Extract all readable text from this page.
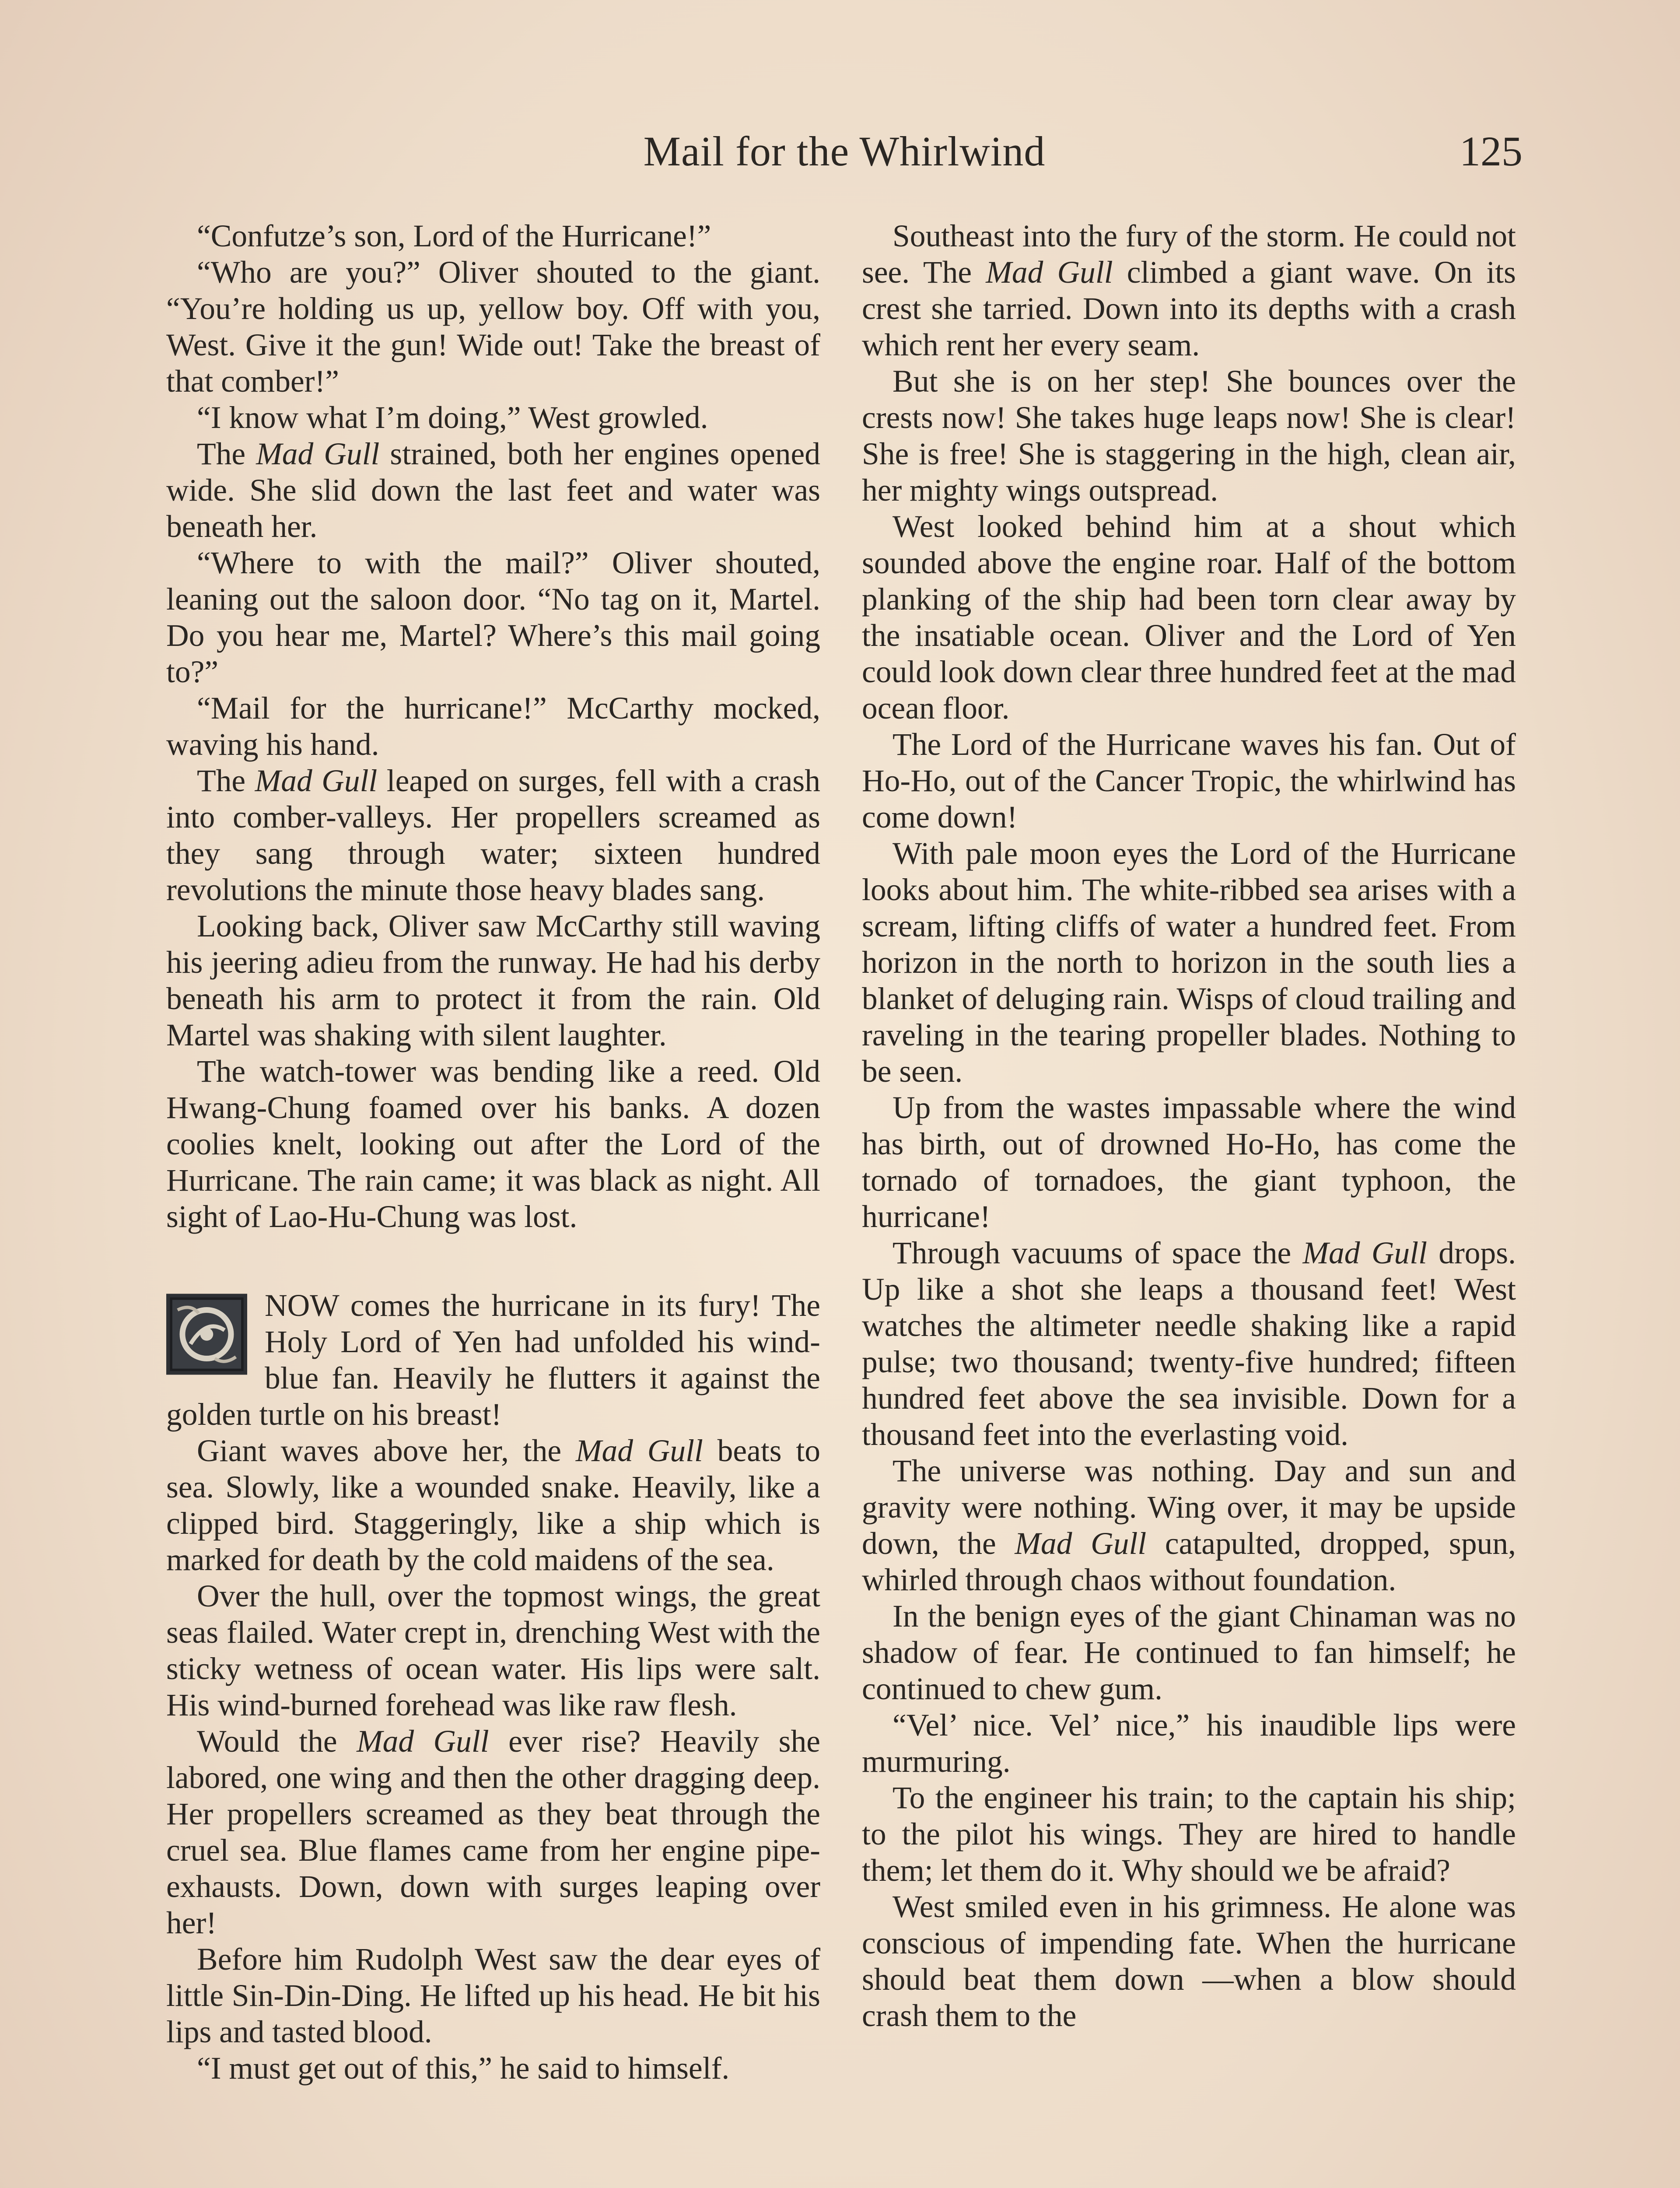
Mail for the Whirlwind	125

“Confutze’s son, Lord of the Hurricane!”

“Who are you?” Oliver shouted to the giant. “You’re holding us up, yellow boy. Off with you, West. Give it the gun! Wide out! Take the breast of that comber!”

“I know what I’m doing,” West growled.

The Mad Gull strained, both her engines opened wide. She slid down the last feet and water was beneath her.

“Where to with the mail?” Oliver shouted, leaning out the saloon door. “No tag on it, Martel. Do you hear me, Martel? Where’s this mail going to?”

“Mail for the hurricane!” McCarthy mocked, waving his hand.

The Mad Gull leaped on surges, fell with a crash into comber-valleys. Her propellers screamed as they sang through water; sixteen hundred revolutions the minute those heavy blades sang.

Looking back, Oliver saw McCarthy still waving his jeering adieu from the runway. He had his derby beneath his arm to protect it from the rain. Old Martel was shaking with silent laughter.

The watch-tower was bending like a reed. Old Hwang-Chung foamed over his banks. A dozen coolies knelt, looking out after the Lord of the Hurricane. The rain came; it was black as night. All sight of Lao-Hu-Chung was lost.

NOW comes the hurricane in its fury! The Holy Lord of Yen had unfolded his wind-blue fan. Heavily he flutters it against the golden turtle on his breast!

Giant waves above her, the Mad Gull beats to sea. Slowly, like a wounded snake. Heavily, like a clipped bird. Staggeringly, like a ship which is marked for death by the cold maidens of the sea.

Over the hull, over the topmost wings, the great seas flailed. Water crept in, drenching West with the sticky wetness of ocean water. His lips were salt. His wind-burned forehead was like raw flesh.

Would the Mad Gull ever rise? Heavily she labored, one wing and then the other dragging deep. Her propellers screamed as they beat through the cruel sea. Blue flames came from her engine pipe-exhausts. Down, down with surges leaping over her!

Before him Rudolph West saw the dear eyes of little Sin-Din-Ding. He lifted up his head. He bit his lips and tasted blood.

“I must get out of this,” he said to himself.

Southeast into the fury of the storm. He could not see. The Mad Gull climbed a giant wave. On its crest she tarried. Down into its depths with a crash which rent her every seam.

But she is on her step! She bounces over the crests now! She takes huge leaps now! She is clear! She is free! She is staggering in the high, clean air, her mighty wings outspread.

West looked behind him at a shout which sounded above the engine roar. Half of the bottom planking of the ship had been torn clear away by the insatiable ocean. Oliver and the Lord of Yen could look down clear three hundred feet at the mad ocean floor.

The Lord of the Hurricane waves his fan. Out of Ho-Ho, out of the Cancer Tropic, the whirlwind has come down!

With pale moon eyes the Lord of the Hurricane looks about him. The white-ribbed sea arises with a scream, lifting cliffs of water a hundred feet. From horizon in the north to horizon in the south lies a blanket of deluging rain. Wisps of cloud trailing and raveling in the tearing propeller blades. Nothing to be seen.

Up from the wastes impassable where the wind has birth, out of drowned Ho-Ho, has come the tornado of tornadoes, the giant typhoon, the hurricane!

Through vacuums of space the Mad Gull drops. Up like a shot she leaps a thousand feet! West watches the altimeter needle shaking like a rapid pulse; two thousand; twenty-five hundred; fifteen hundred feet above the sea invisible. Down for a thousand feet into the everlasting void.

The universe was nothing. Day and sun and gravity were nothing. Wing over, it may be upside down, the Mad Gull catapulted, dropped, spun, whirled through chaos without foundation.

In the benign eyes of the giant Chinaman was no shadow of fear. He continued to fan himself; he continued to chew gum.

“Vel’ nice. Vel’ nice,” his inaudible lips were murmuring.

To the engineer his train; to the captain his ship; to the pilot his wings. They are hired to handle them; let them do it. Why should we be afraid?

West smiled even in his grimness. He alone was conscious of impending fate. When the hurricane should beat them down —when a blow should crash them to the
